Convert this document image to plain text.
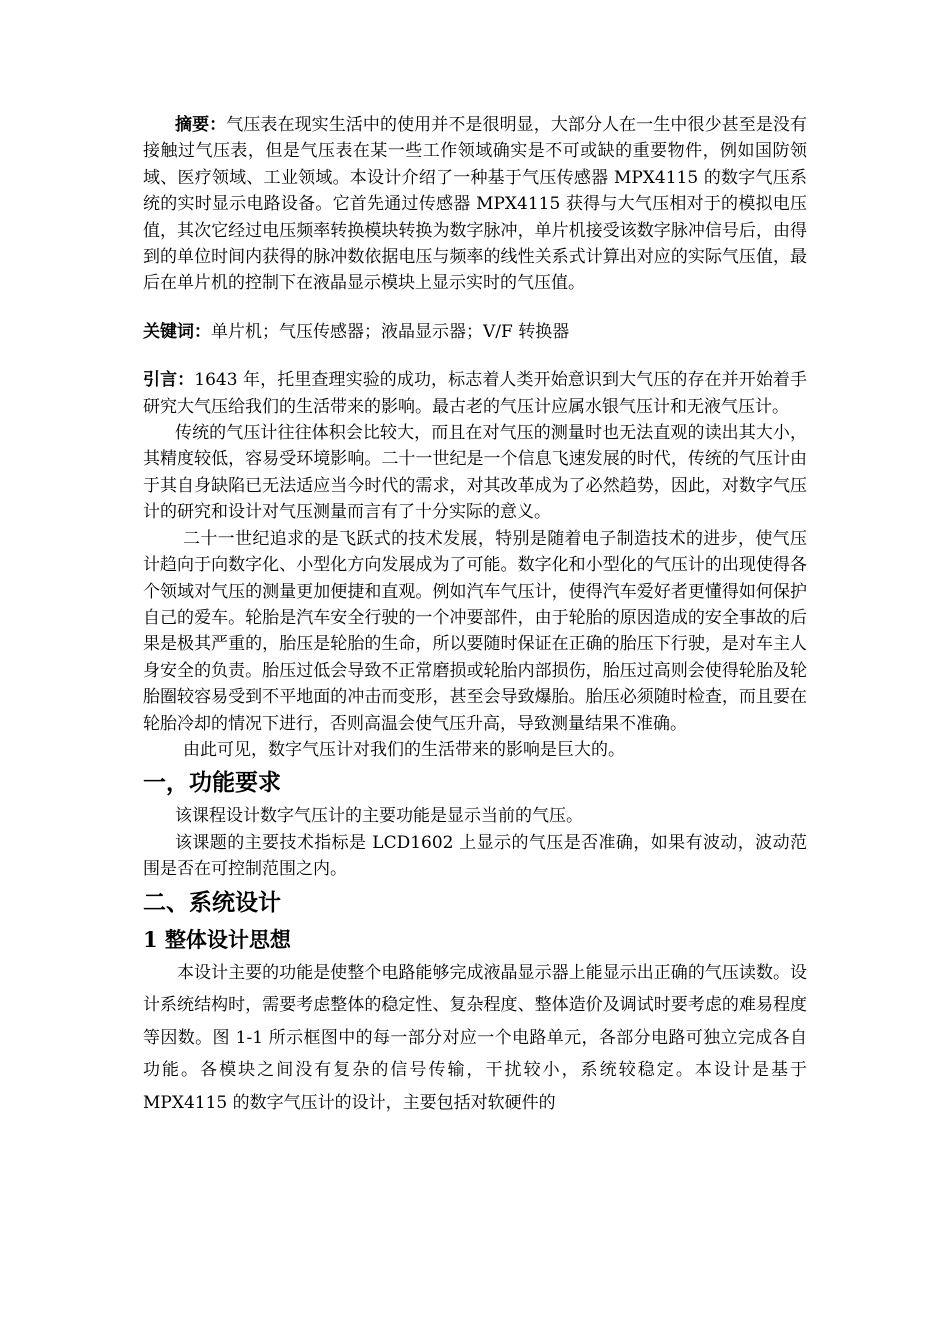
摘要：气压表在现实生活中的使用并不是很明显，大部分人在一生中很少甚至是没有接触过气压表，但是气压表在某一些工作领域确实是不可或缺的重要物件，例如国防领域、医疗领域、工业领域。本设计介绍了一种基于气压传感器 MPX4115 的数字气压系统的实时显示电路设备。它首先通过传感器 MPX4115 获得与大气压相对于的模拟电压值，其次它经过电压频率转换模块转换为数字脉冲，单片机接受该数字脉冲信号后，由得到的单位时间内获得的脉冲数依据电压与频率的线性关系式计算出对应的实际气压值，最后在单片机的控制下在液晶显示模块上显示实时的气压值。

关键词：单片机；气压传感器；液晶显示器；V/F 转换器

引言：1643 年，托里查理实验的成功，标志着人类开始意识到大气压的存在并开始着手研究大气压给我们的生活带来的影响。最古老的气压计应属水银气压计和无液气压计。

传统的气压计往往体积会比较大，而且在对气压的测量时也无法直观的读出其大小，其精度较低，容易受环境影响。二十一世纪是一个信息飞速发展的时代，传统的气压计由于其自身缺陷已无法适应当今时代的需求，对其改革成为了必然趋势，因此，对数字气压计的研究和设计对气压测量而言有了十分实际的意义。

二十一世纪追求的是飞跃式的技术发展，特别是随着电子制造技术的进步，使气压计趋向于向数字化、小型化方向发展成为了可能。数字化和小型化的气压计的出现使得各个领域对气压的测量更加便捷和直观。例如汽车气压计，使得汽车爱好者更懂得如何保护自己的爱车。轮胎是汽车安全行驶的一个冲要部件，由于轮胎的原因造成的安全事故的后果是极其严重的，胎压是轮胎的生命，所以要随时保证在正确的胎压下行驶，是对车主人身安全的负责。胎压过低会导致不正常磨损或轮胎内部损伤，胎压过高则会使得轮胎及轮胎圈较容易受到不平地面的冲击而变形，甚至会导致爆胎。胎压必须随时检查，而且要在轮胎冷却的情况下进行，否则高温会使气压升高，导致测量结果不准确。

由此可见，数字气压计对我们的生活带来的影响是巨大的。

一，功能要求

该课程设计数字气压计的主要功能是显示当前的气压。

该课题的主要技术指标是 LCD1602 上显示的气压是否准确，如果有波动，波动范围是否在可控制范围之内。

二、系统设计
1 整体设计思想

本设计主要的功能是使整个电路能够完成液晶显示器上能显示出正确的气压读数。设计系统结构时，需要考虑整体的稳定性、复杂程度、整体造价及调试时要考虑的难易程度等因数。图 1-1 所示框图中的每一部分对应一个电路单元，各部分电路可独立完成各自功能。各模块之间没有复杂的信号传输，干扰较小，系统较稳定。本设计是基于 MPX4115 的数字气压计的设计，主要包括对软硬件的
